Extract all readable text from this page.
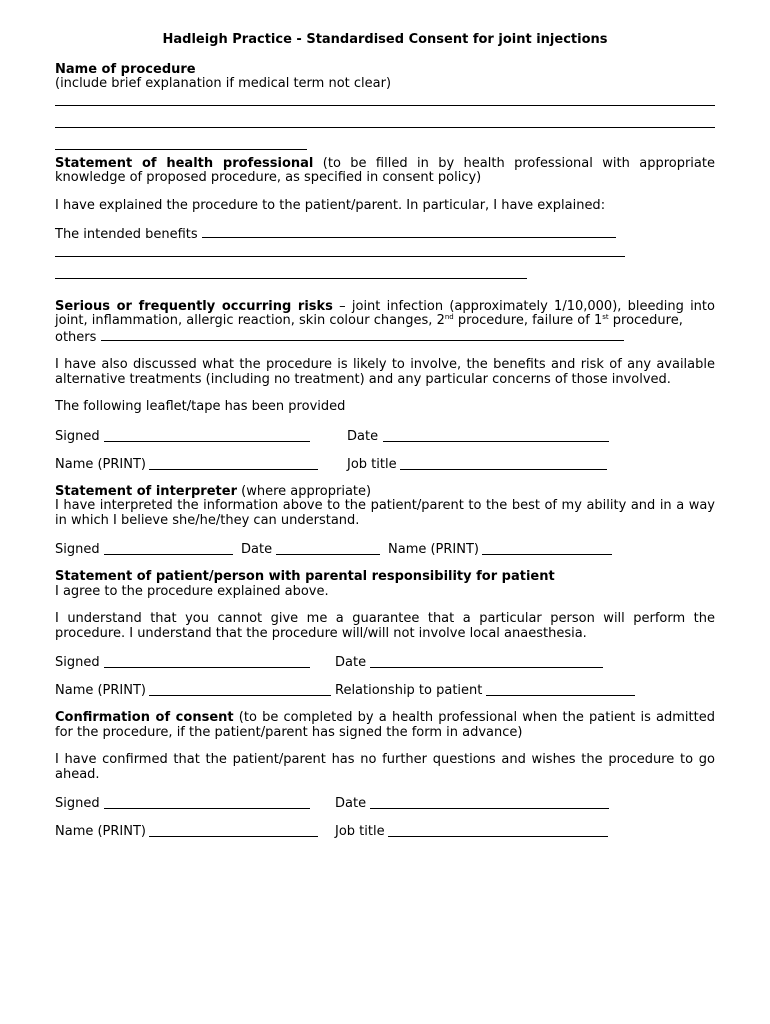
Hadleigh Practice - Standardised Consent for joint injections

Name of procedure

(include brief explanation if medical term not clear)

Statement of health professional (to be filled in by health professional with appropriate knowledge of proposed procedure, as specified in consent policy)

I have explained the procedure to the patient/parent. In particular, I have explained:

The intended benefits

Serious or frequently occurring risks – joint infection (approximately 1/10,000), bleeding into joint, inflammation, allergic reaction, skin colour changes, 2nd procedure, failure of 1st procedure,

others

I have also discussed what the procedure is likely to involve, the benefits and risk of any available alternative treatments (including no treatment) and any particular concerns of those involved.

The following leaflet/tape has been provided

Signed	Date
Name (PRINT)	Job title

Statement of interpreter (where appropriate)

I have interpreted the information above to the patient/parent to the best of my ability and in a way in which I believe she/he/they can understand.

Signed	Date	Name (PRINT)

Statement of patient/person with parental responsibility for patient

I agree to the procedure explained above.

I understand that you cannot give me a guarantee that a particular person will perform the procedure. I understand that the procedure will/will not involve local anaesthesia.

Signed	Date
Name (PRINT)	Relationship to patient

Confirmation of consent (to be completed by a health professional when the patient is admitted for the procedure, if the patient/parent has signed the form in advance)

I have confirmed that the patient/parent has no further questions and wishes the procedure to go ahead.

Signed	Date
Name (PRINT)	Job title
